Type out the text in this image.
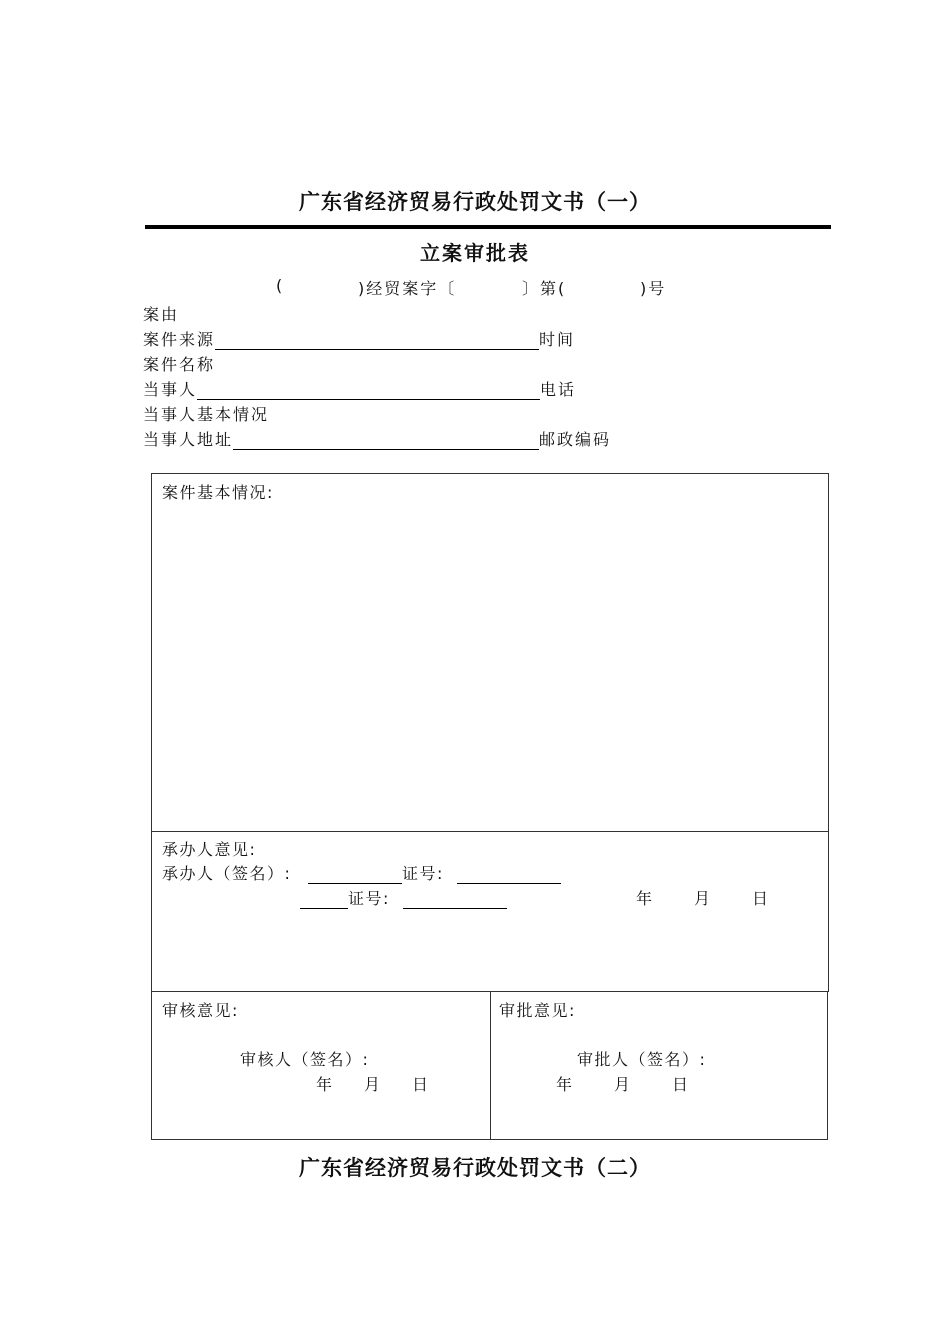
广东省经济贸易行政处罚文书（一）
立案审批表
(	)经贸案字〔	〕第(	)号
案由
案件来源	时间
案件名称
当事人	电话
当事人基本情况
当事人地址	邮政编码
案件基本情况:
承办人意见:
承办人（签名）:	证号:
证号:	年	月	日
审核意见:
审核人（签名）:
年 月 日
审批意见:
审批人（签名）:
年	月	日
广东省经济贸易行政处罚文书（二）
